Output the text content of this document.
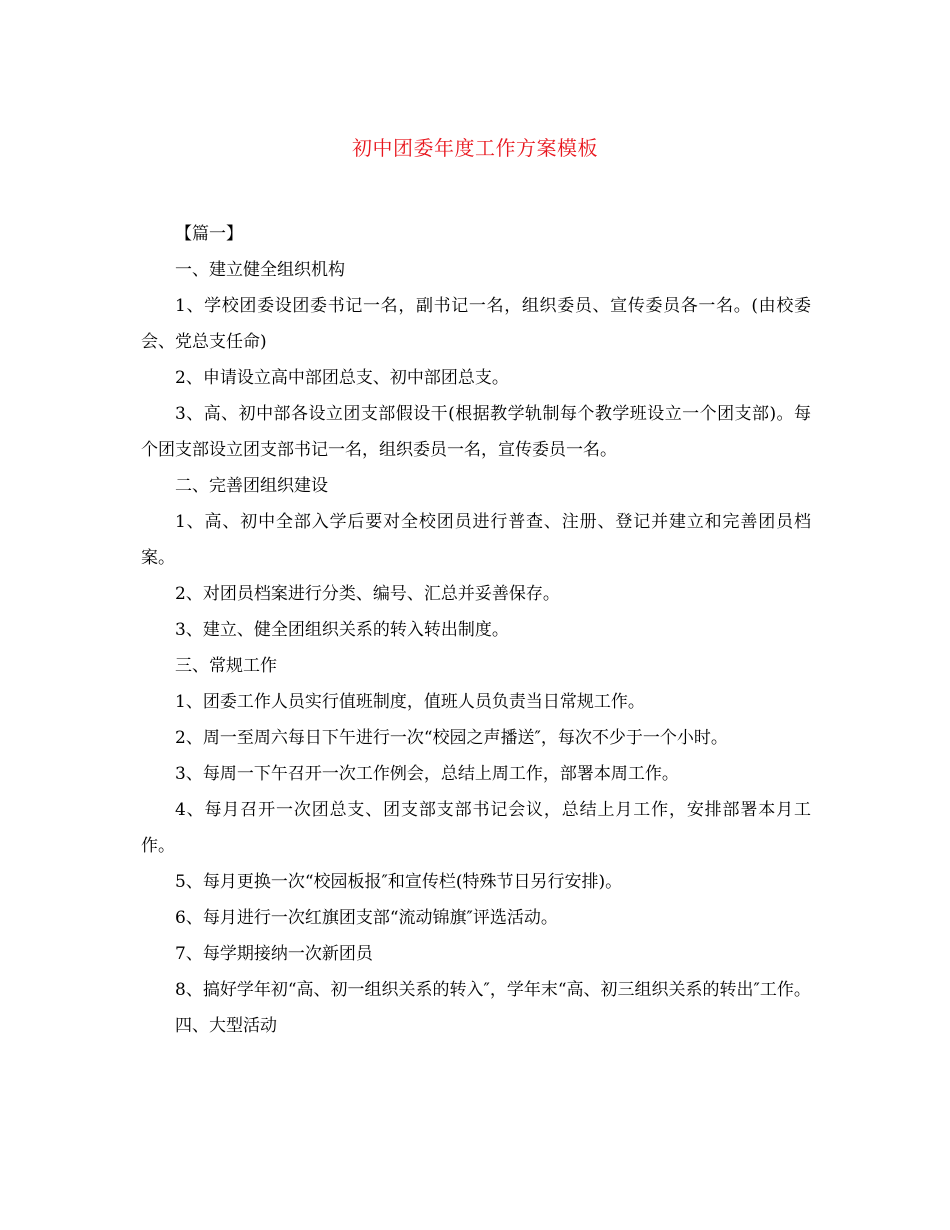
初中团委年度工作方案模板

【篇一】

一、建立健全组织机构

1、学校团委设团委书记一名，副书记一名，组织委员、宣传委员各一名。(由校委会、党总支任命)

2、申请设立高中部团总支、初中部团总支。

3、高、初中部各设立团支部假设干(根据教学轨制每个教学班设立一个团支部)。每个团支部设立团支部书记一名，组织委员一名，宣传委员一名。

二、完善团组织建设

1、高、初中全部入学后要对全校团员进行普查、注册、登记并建立和完善团员档案。

2、对团员档案进行分类、编号、汇总并妥善保存。

3、建立、健全团组织关系的转入转出制度。

三、常规工作

1、团委工作人员实行值班制度，值班人员负责当日常规工作。

2、周一至周六每日下午进行一次“校园之声播送″，每次不少于一个小时。

3、每周一下午召开一次工作例会，总结上周工作，部署本周工作。

4、每月召开一次团总支、团支部支部书记会议，总结上月工作，安排部署本月工作。

5、每月更换一次“校园板报″和宣传栏(特殊节日另行安排)。

6、每月进行一次红旗团支部“流动锦旗″评选活动。

7、每学期接纳一次新团员

8、搞好学年初“高、初一组织关系的转入″，学年末“高、初三组织关系的转出″工作。

四、大型活动
